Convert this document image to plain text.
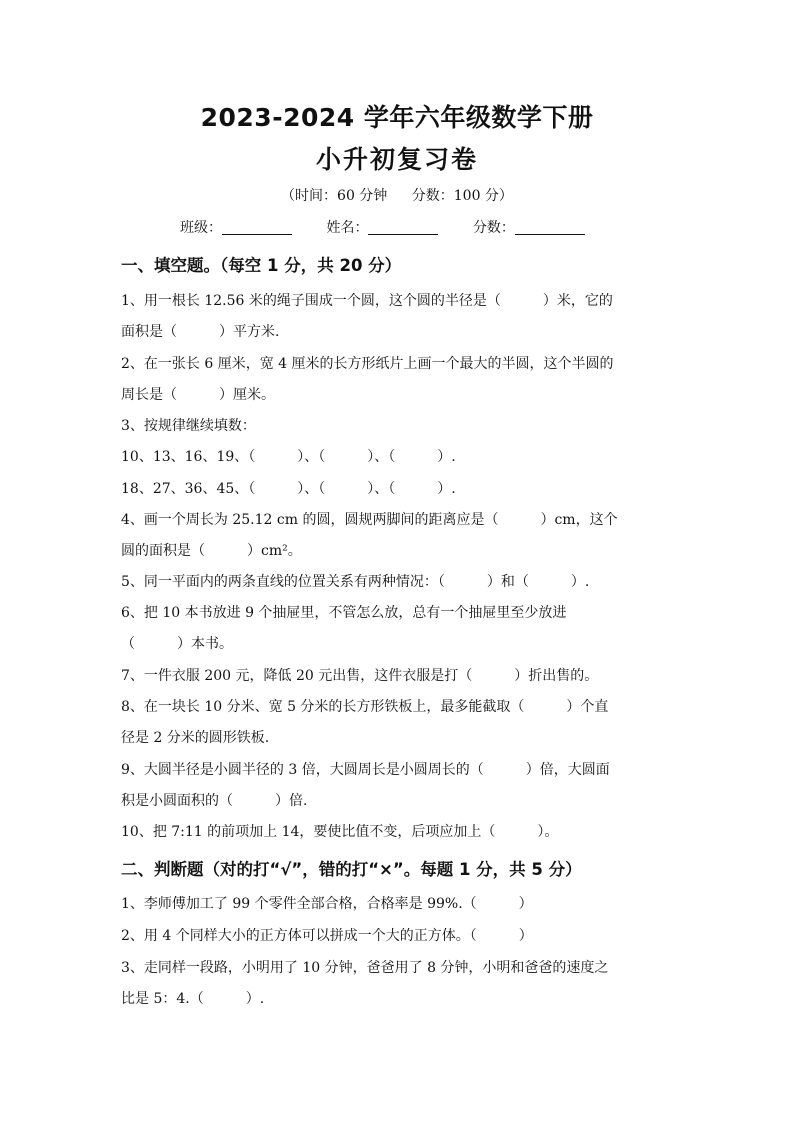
2023-2024 学年六年级数学下册
小升初复习卷
（时间：60 分钟 分数：100 分）
班级：	姓名：	分数：
一、填空题。（每空 1 分，共 20 分）
1、用一根长 12.56 米的绳子围成一个圆，这个圆的半径是（　　　）米，它的
面积是（　　　）平方米.
2、在一张长 6 厘米，宽 4 厘米的长方形纸片上画一个最大的半圆，这个半圆的
周长是（　　　）厘米。
3、按规律继续填数：
10、13、16、19、（　　　）、（　　　）、（　　　）.
18、27、36、45、（　　　）、（　　　）、（　　　）.
4、画一个周长为 25.12 cm 的圆，圆规两脚间的距离应是（　　　）cm，这个
圆的面积是（　　　）cm²。
5、同一平面内的两条直线的位置关系有两种情况：（　　　）和（　　　）.
6、把 10 本书放进 9 个抽屉里，不管怎么放，总有一个抽屉里至少放进
（　　　）本书。
7、一件衣服 200 元，降低 20 元出售，这件衣服是打（　　　）折出售的。
8、在一块长 10 分米、宽 5 分米的长方形铁板上，最多能截取（　　　）个直
径是 2 分米的圆形铁板.
9、大圆半径是小圆半径的 3 倍，大圆周长是小圆周长的（　　　）倍，大圆面
积是小圆面积的（　　　）倍.
10、把 7:11 的前项加上 14，要使比值不变，后项应加上（　　　）。
二、判断题（对的打“√”，错的打“×”。每题 1 分，共 5 分）
1、李师傅加工了 99 个零件全部合格，合格率是 99%.（　　　）
2、用 4 个同样大小的正方体可以拼成一个大的正方体。（　　　）
3、走同样一段路，小明用了 10 分钟，爸爸用了 8 分钟，小明和爸爸的速度之
比是 5：4.（　　　）.
